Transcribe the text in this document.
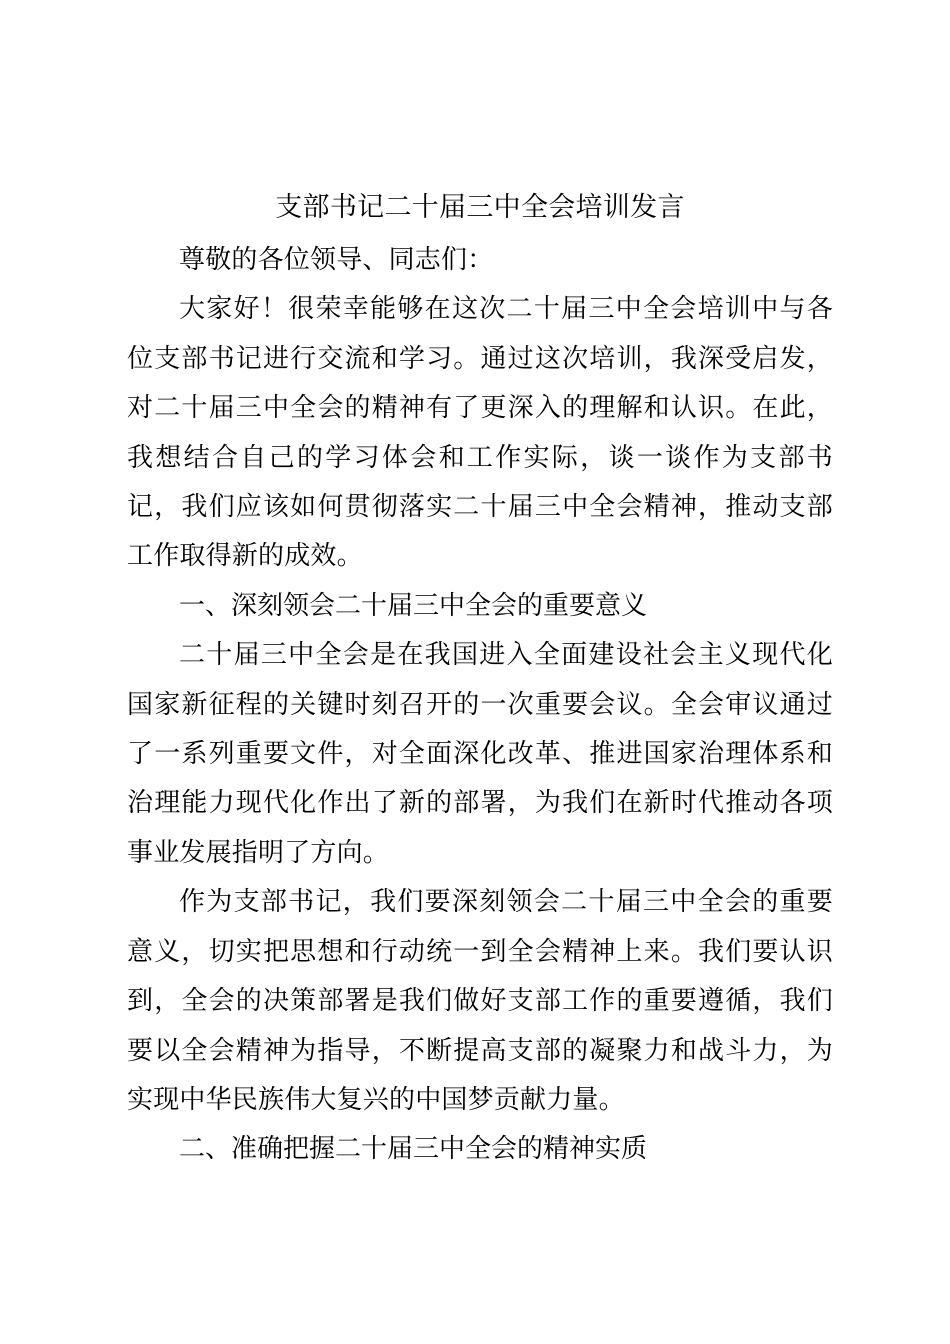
支部书记二十届三中全会培训发言

尊敬的各位领导、同志们：

大家好！很荣幸能够在这次二十届三中全会培训中与各位支部书记进行交流和学习。通过这次培训，我深受启发，对二十届三中全会的精神有了更深入的理解和认识。在此，我想结合自己的学习体会和工作实际，谈一谈作为支部书记，我们应该如何贯彻落实二十届三中全会精神，推动支部工作取得新的成效。

一、深刻领会二十届三中全会的重要意义

二十届三中全会是在我国进入全面建设社会主义现代化国家新征程的关键时刻召开的一次重要会议。全会审议通过了一系列重要文件，对全面深化改革、推进国家治理体系和治理能力现代化作出了新的部署，为我们在新时代推动各项事业发展指明了方向。

作为支部书记，我们要深刻领会二十届三中全会的重要意义，切实把思想和行动统一到全会精神上来。我们要认识到，全会的决策部署是我们做好支部工作的重要遵循，我们要以全会精神为指导，不断提高支部的凝聚力和战斗力，为实现中华民族伟大复兴的中国梦贡献力量。

二、准确把握二十届三中全会的精神实质
